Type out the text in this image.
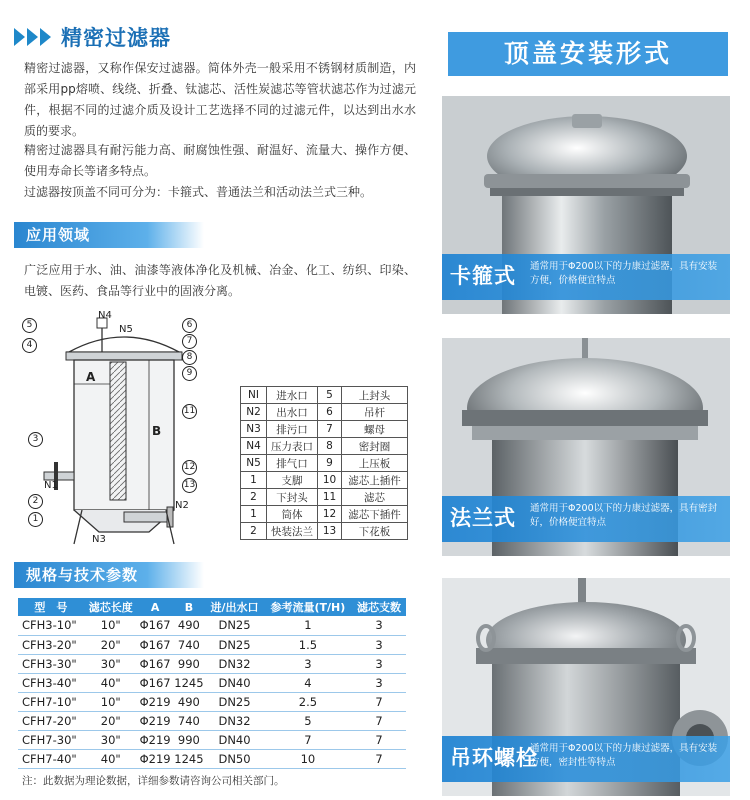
精密过滤器

精密过滤器，又称作保安过滤器。简体外壳一般采用不锈钢材质制造，内部采用pp熔喷、线绕、折叠、钛滤芯、活性炭滤芯等管状滤芯作为过滤元件，根据不同的过滤介质及设计工艺选择不同的过滤元件，以达到出水水质的要求。

精密过滤器具有耐污能力高、耐腐蚀性强、耐温好、流量大、操作方便、使用寿命长等诸多特点。

过滤器按顶盖不同可分为：卡箍式、普通法兰和活动法兰式三种。

应用领域

广泛应用于水、油、油漆等液体净化及机械、冶金、化工、纺织、印染、电镀、医药、食品等行业中的固液分离。

N4
N5
A
B
N1
N2
N3
5
4
3
2
1
6
7
8
9
11
12
13
NI	进水口	5	上封头
N2	出水口	6	吊杆
N3	排污口	7	螺母
N4	压力表口	8	密封圈
N5	排气口	9	上压板
1	支脚	10	滤芯上插件
2	下封头	11	滤芯
1	筒体	12	滤芯下插件
2	快装法兰	13	下花板
规格与技术参数
型　号	滤芯长度	A	B	进/出水口	参考流量(T/H)	滤芯支数
CFH3-10"	10"	Φ167	490	DN25	1	3
CFH3-20"	20"	Φ167	740	DN25	1.5	3
CFH3-30"	30"	Φ167	990	DN32	3	3
CFH3-40"	40"	Φ167	1245	DN40	4	3
CFH7-10"	10"	Φ219	490	DN25	2.5	7
CFH7-20"	20"	Φ219	740	DN32	5	7
CFH7-30"	30"	Φ219	990	DN40	7	7
CFH7-40"	40"	Φ219	1245	DN50	10	7
注：此数据为理论数据，详细参数请咨询公司相关部门。
顶盖安装形式
卡箍式 通常用于Φ200以下的力康过滤器，具有安装方便，价格便宜特点
法兰式 通常用于Φ200以下的力康过滤器，具有密封好，价格便宜特点
吊环螺栓
通常用于Φ200以下的力康过滤器，具有安装方便，密封性等特点
